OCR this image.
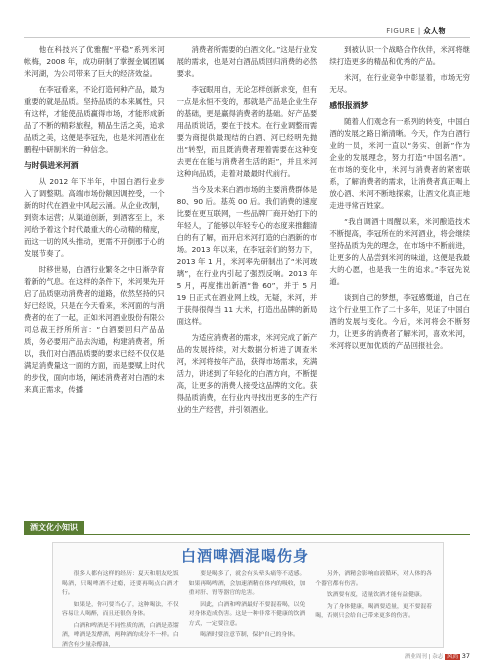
FIGURE | 众人物

他在科技兴了优雅醒“平稳”系列米河帐梅，2008 年，成功研制了掌握金属团属米河湖，为公司带来了巨大的经济效益。

在李冠看来，不论打造何种产品，最为重要的就是品质。坚持品质的本来属性，只有这样，才能使品质赢得市场，才能形成新品了不断的精彩旅程，精品生活之美，追求品质之美，这便是李冠先，也是米河酒业在鹏程中研制米的一种信念。

与时俱进米河酒

从 2012 年下半年，中国白酒行业步入了调整期。高端市场份额因调控受，一个新的时代在酒业中风起云涌。从企业改制，到资本运营；从渠道创新，到酒客至上，米河给予着这个时代最重大的心动精的精度，而这一切的风头推动，更需不开倒那于心的发展节奏了。

时移世易，白酒行业繁冬之中日渐孕育着新的气息。在这样的条件下，米河果先开启了品质驱动消费者的道路，依然坚持的只好已经说，只是在今天看来，米河面的与消费者的在了一起，正如米河酒业股份有限公司总裁王抒所所言：“白酒要回归产品品质，务必要用产品去沟通，构建消费者，所以，我们对白酒品质要的要求已经不仅仅是满足消费量这一面的方面，而是要赋上时代的步伐，面向市场，阐述消费者对白酒的未来真正需求，传播

消费者所需要的白酒文化。”这是行业发展的需求，也是对白酒品质回归消费的必然要求。

李冠眼用自，无论怎样创新求变，但有一点是永恒不变的，那就是产品是企业生存的基础，更是赢得消费者的基础。好产品要用品质说话，要在于技术。在行业调整而需要为商提供最现结的白酒、河已经明先抛出“转型，而且既消费者理着需要在这种变去更在在能与消费者生活的距”，并且米河这种向品质，走着对最最时代前行。

当今及未来白酒市场的主要消费群体是 80、90 后。基英 00 后。我们消费的速度比要在更互联网，一些品牌厂商开始打下的年轻人，了能够以年轻专心的态度来推翻清白的有了解，而开启米河打造的白酒新的市场。2013 年以来，在李冠亲们的努力下，2013 年 1 月，米河率先研制出了“米河玻璃”，在行业内引起了强烈反响。2013 年 5 月，再度推出新酒“鲁 60”，并于 5 月 19 日正式在酒业网上线，无疑，米河，并于获得很得当 11 大米，打造出品牌的新局面这样。

为适应消费者的需求，米河完成了新产品的发展持续，对大数据分析进了调查米河，米河将按年产品，获得市场需求，充满活力，讲述到了年轻化的白酒方向，不断提高，让更多的消费人接受这品牌的文化。获得品质消费，在行业内寻找出更多的生产行业的生产经营，并引领酒业。

到被认识一个战略合作伙伴，米河将继续打造更多的精品和优秀的产品。

米河，在行业竞争中彰显着，市场无穷无尽。

感恨报酒梦

随着人们观念有一系列的转变，中国白酒的发展之路日渐清晰。今天，作为白酒行业的一员，米河一直以“务实、创新”作为企业的发展理念，努力打造“中国名酒”。在市场的变化中，米河与消费者的紧密联系，了解消费者的需求，让消费者真正喝上放心酒、米河不断地探索，让酒文化真正地走进寻常百姓家。

“我自调酒十周醒以来，米河酿造技术不断提高，李冠所在的米河酒业，将会继续坚持品质为先的理念，在市场中不断前进，让更多的人品尝到米河的味道，这便是我最大的心愿，也是我一生的追求。”李冠先说道。

谈到自己的梦想，李冠感慨道，自己在这个行业里工作了二十多年，见证了中国白酒的发展与变化。今后，米河将会不断努力，让更多的消费者了解米河，喜欢米河，米河将以更加优质的产品回报社会。

酒文化小知识
白酒啤酒混喝伤身

很多人都有这样的经历：夏天和朋友吃饭喝酒，只喝啤酒不过瘾，还要再喝点白酒才行。

如果是，你可要当心了，这种喝法，不仅容易让人喝醉，而且还很伤身体。

白酒和啤酒是不同性质的酒，白酒是蒸馏酒，啤酒是发酵酒，两种酒的成分不一样。白酒含有少量杂醇油，

要是喝多了，就会有头晕头痛等不适感。如果再喝啤酒，会加速酒精在体内的吸收，加重对肝、胃等器官的危害。

因此，白酒和啤酒最好不要混着喝，以免对身体造成伤害。这是一种非常不健康的饮酒方式，一定要注意。

喝酒时要注意节制，保护自己的身体。

另外，酒精会影响血液循环，对人体的各个器官都有伤害。

饮酒要有度，适量饮酒才能有益健康。

为了身体健康，喝酒要适量，更不要混着喝，否则只会给自己带来更多的伤害。

酒业周刊 | 杂志 风尚 37
